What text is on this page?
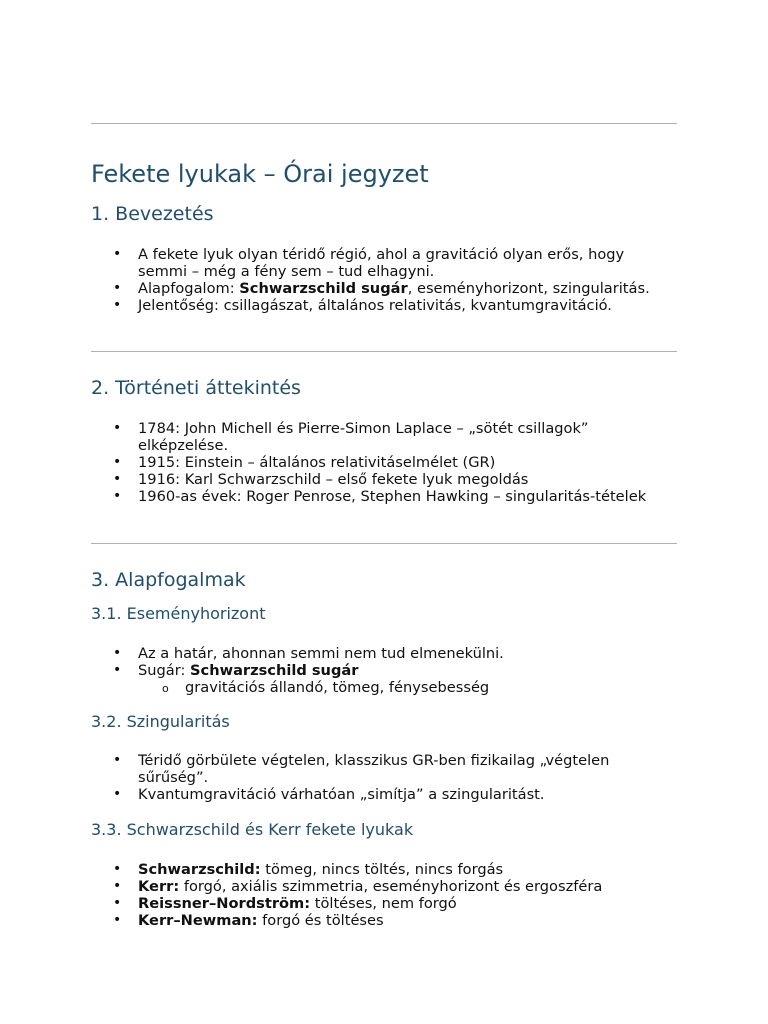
Fekete lyukak – Órai jegyzet
1. Bevezetés
• A fekete lyuk olyan téridő régió, ahol a gravitáció olyan erős, hogy semmi – még a fény sem – tud elhagyni.
• Alapfogalom: Schwarzschild sugár, eseményhorizont, szingularitás.
• Jelentőség: csillagászat, általános relativitás, kvantumgravitáció.
2. Történeti áttekintés
• 1784: John Michell és Pierre-Simon Laplace – „sötét csillagok” elképzelése.
• 1915: Einstein – általános relativitáselmélet (GR)
• 1916: Karl Schwarzschild – első fekete lyuk megoldás
• 1960-as évek: Roger Penrose, Stephen Hawking – singularitás-tételek
3. Alapfogalmak
3.1. Eseményhorizont
• Az a határ, ahonnan semmi nem tud elmenekülni.
• Sugár: Schwarzschild sugár
o gravitációs állandó, tömeg, fénysebesség
3.2. Szingularitás
• Téridő görbülete végtelen, klasszikus GR-ben fizikailag „végtelen sűrűség”.
• Kvantumgravitáció várhatóan „simítja” a szingularitást.
3.3. Schwarzschild és Kerr fekete lyukak
• Schwarzschild: tömeg, nincs töltés, nincs forgás
• Kerr: forgó, axiális szimmetria, eseményhorizont és ergoszféra
• Reissner–Nordström: töltéses, nem forgó
• Kerr–Newman: forgó és töltéses
